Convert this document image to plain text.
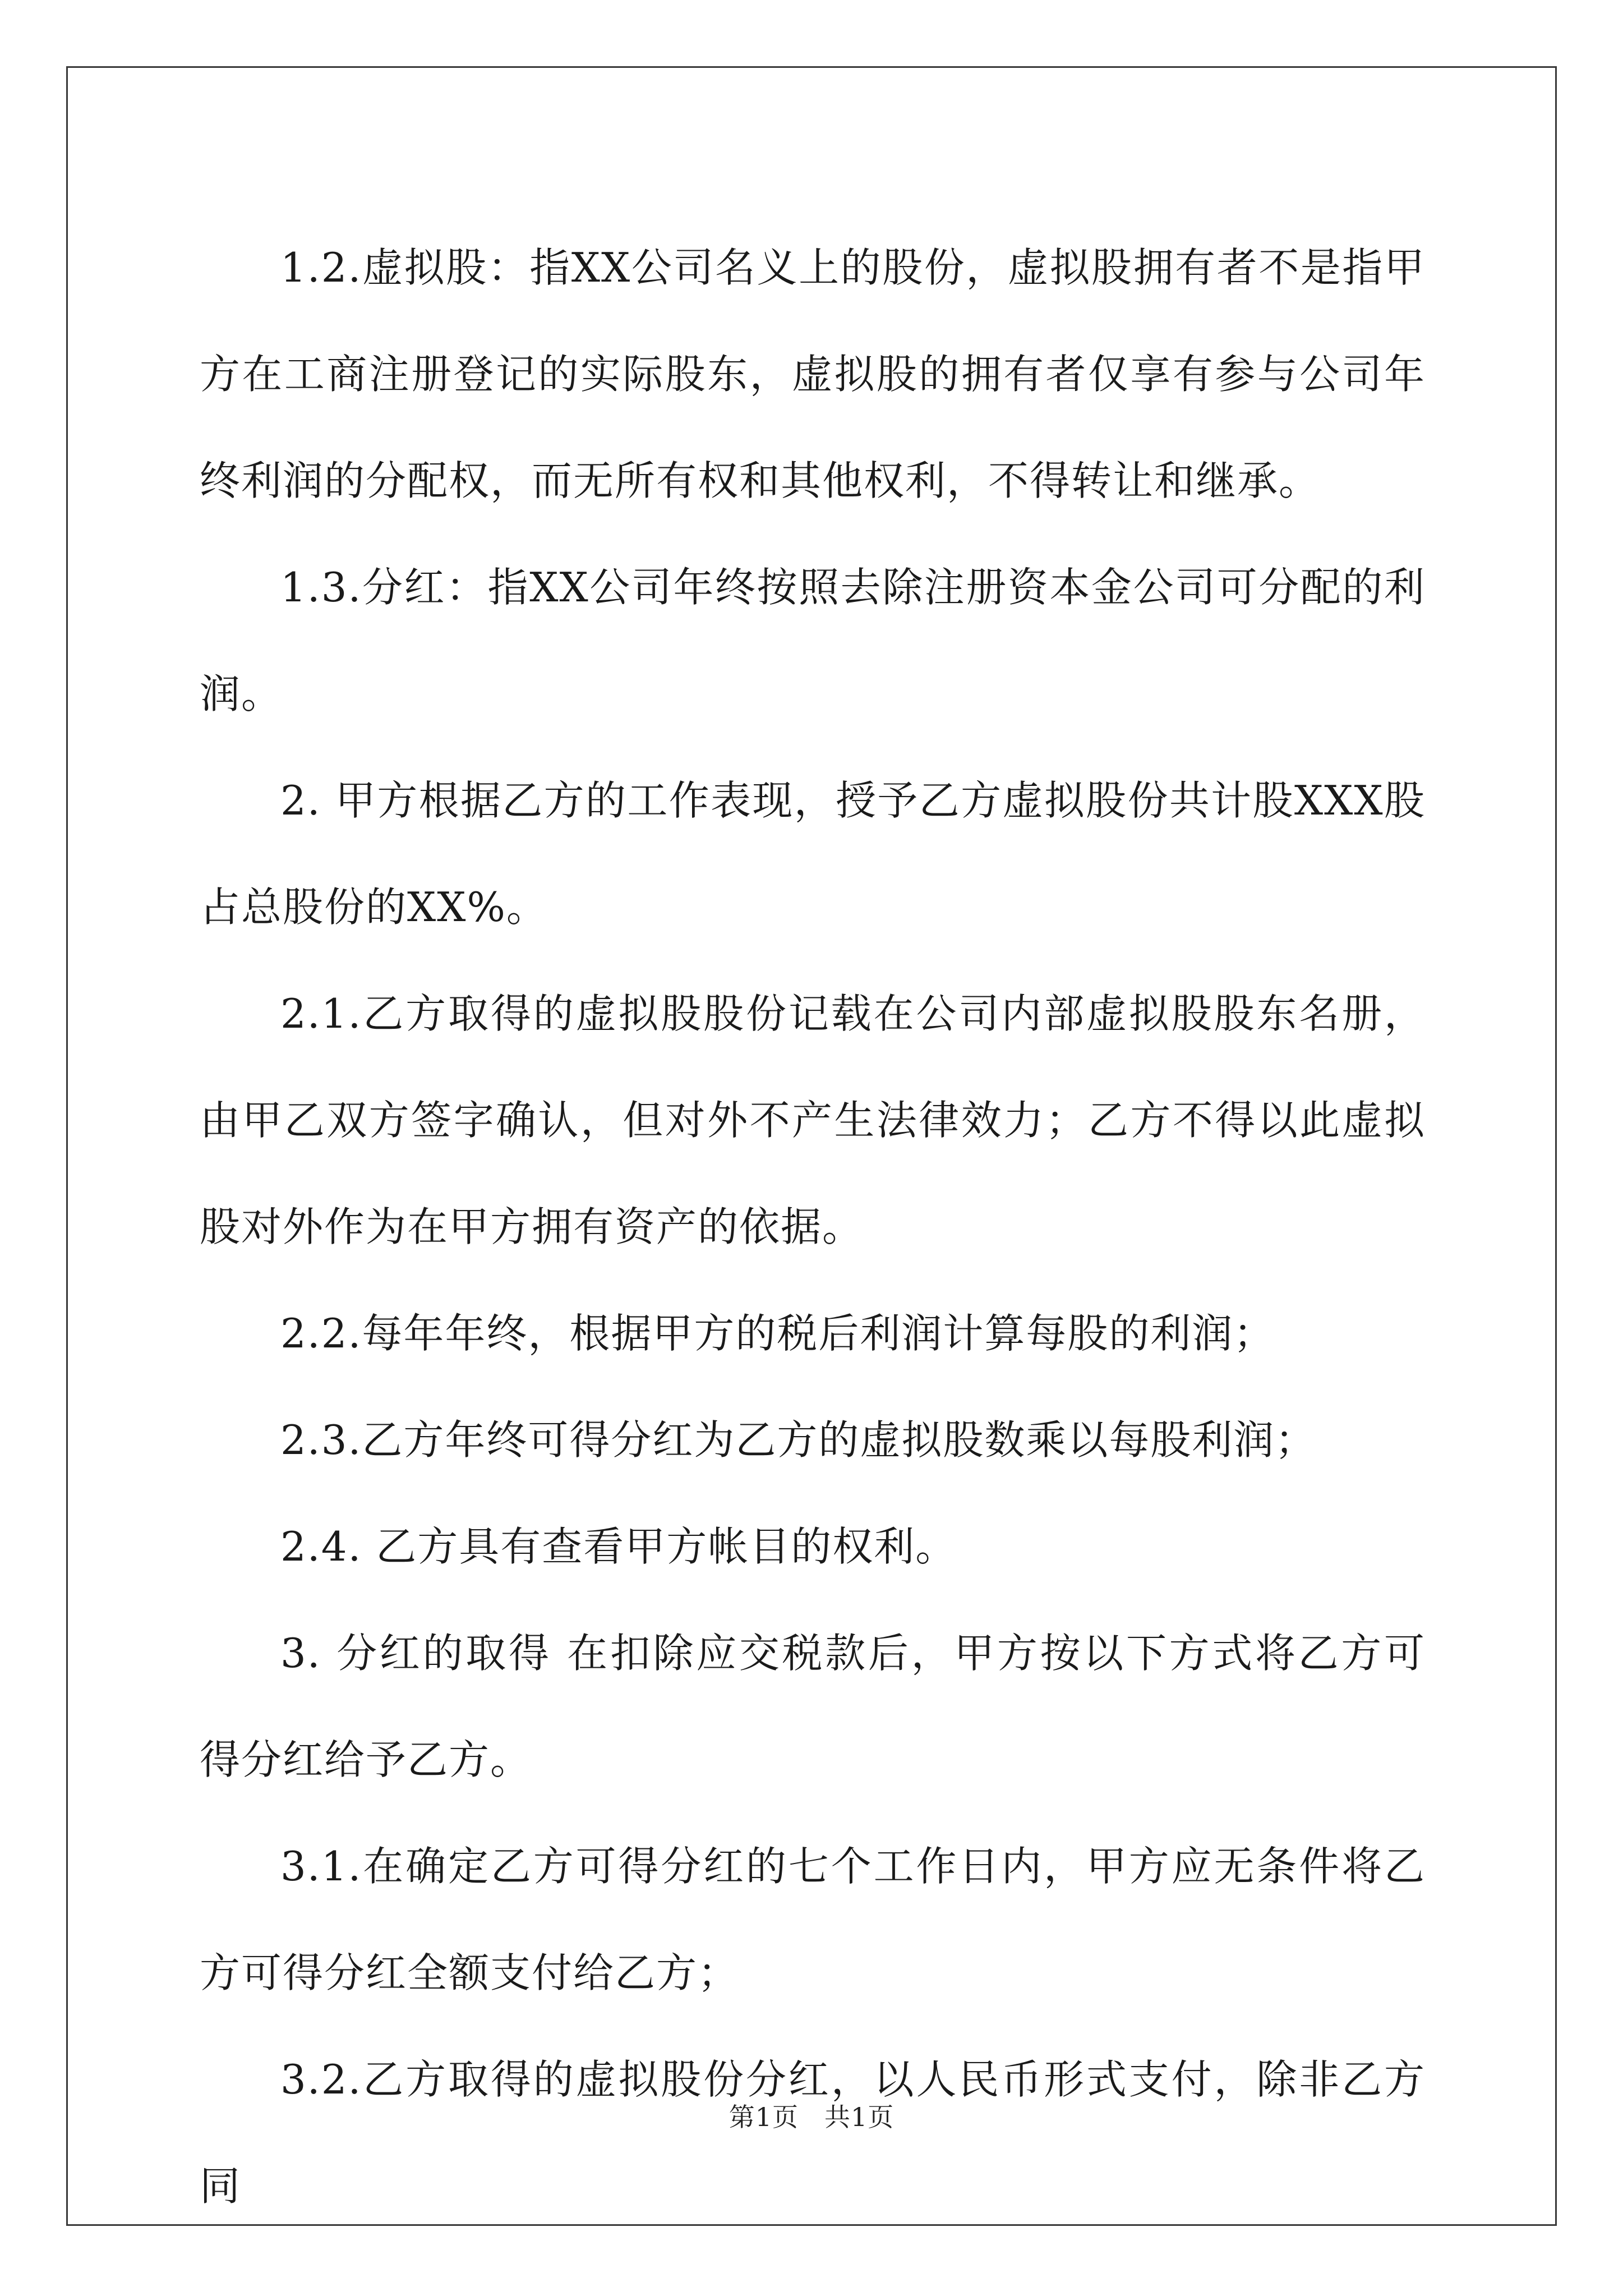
1.2.虚拟股：指XX公司名义上的股份，虚拟股拥有者不是指甲方在工商注册登记的实际股东，虚拟股的拥有者仅享有参与公司年终利润的分配权，而无所有权和其他权利，不得转让和继承。

1.3.分红：指XX公司年终按照去除注册资本金公司可分配的利润。

2. 甲方根据乙方的工作表现，授予乙方虚拟股份共计股XXX股占总股份的XX%。

2.1.乙方取得的虚拟股股份记载在公司内部虚拟股股东名册，由甲乙双方签字确认，但对外不产生法律效力；乙方不得以此虚拟股对外作为在甲方拥有资产的依据。

2.2.每年年终，根据甲方的税后利润计算每股的利润；

2.3.乙方年终可得分红为乙方的虚拟股数乘以每股利润；

2.4. 乙方具有查看甲方帐目的权利。

3. 分红的取得 在扣除应交税款后，甲方按以下方式将乙方可得分红给予乙方。

3.1.在确定乙方可得分红的七个工作日内，甲方应无条件将乙方可得分红全额支付给乙方；

3.2.乙方取得的虚拟股份分红，以人民币形式支付，除非乙方同

第1页 共1页
